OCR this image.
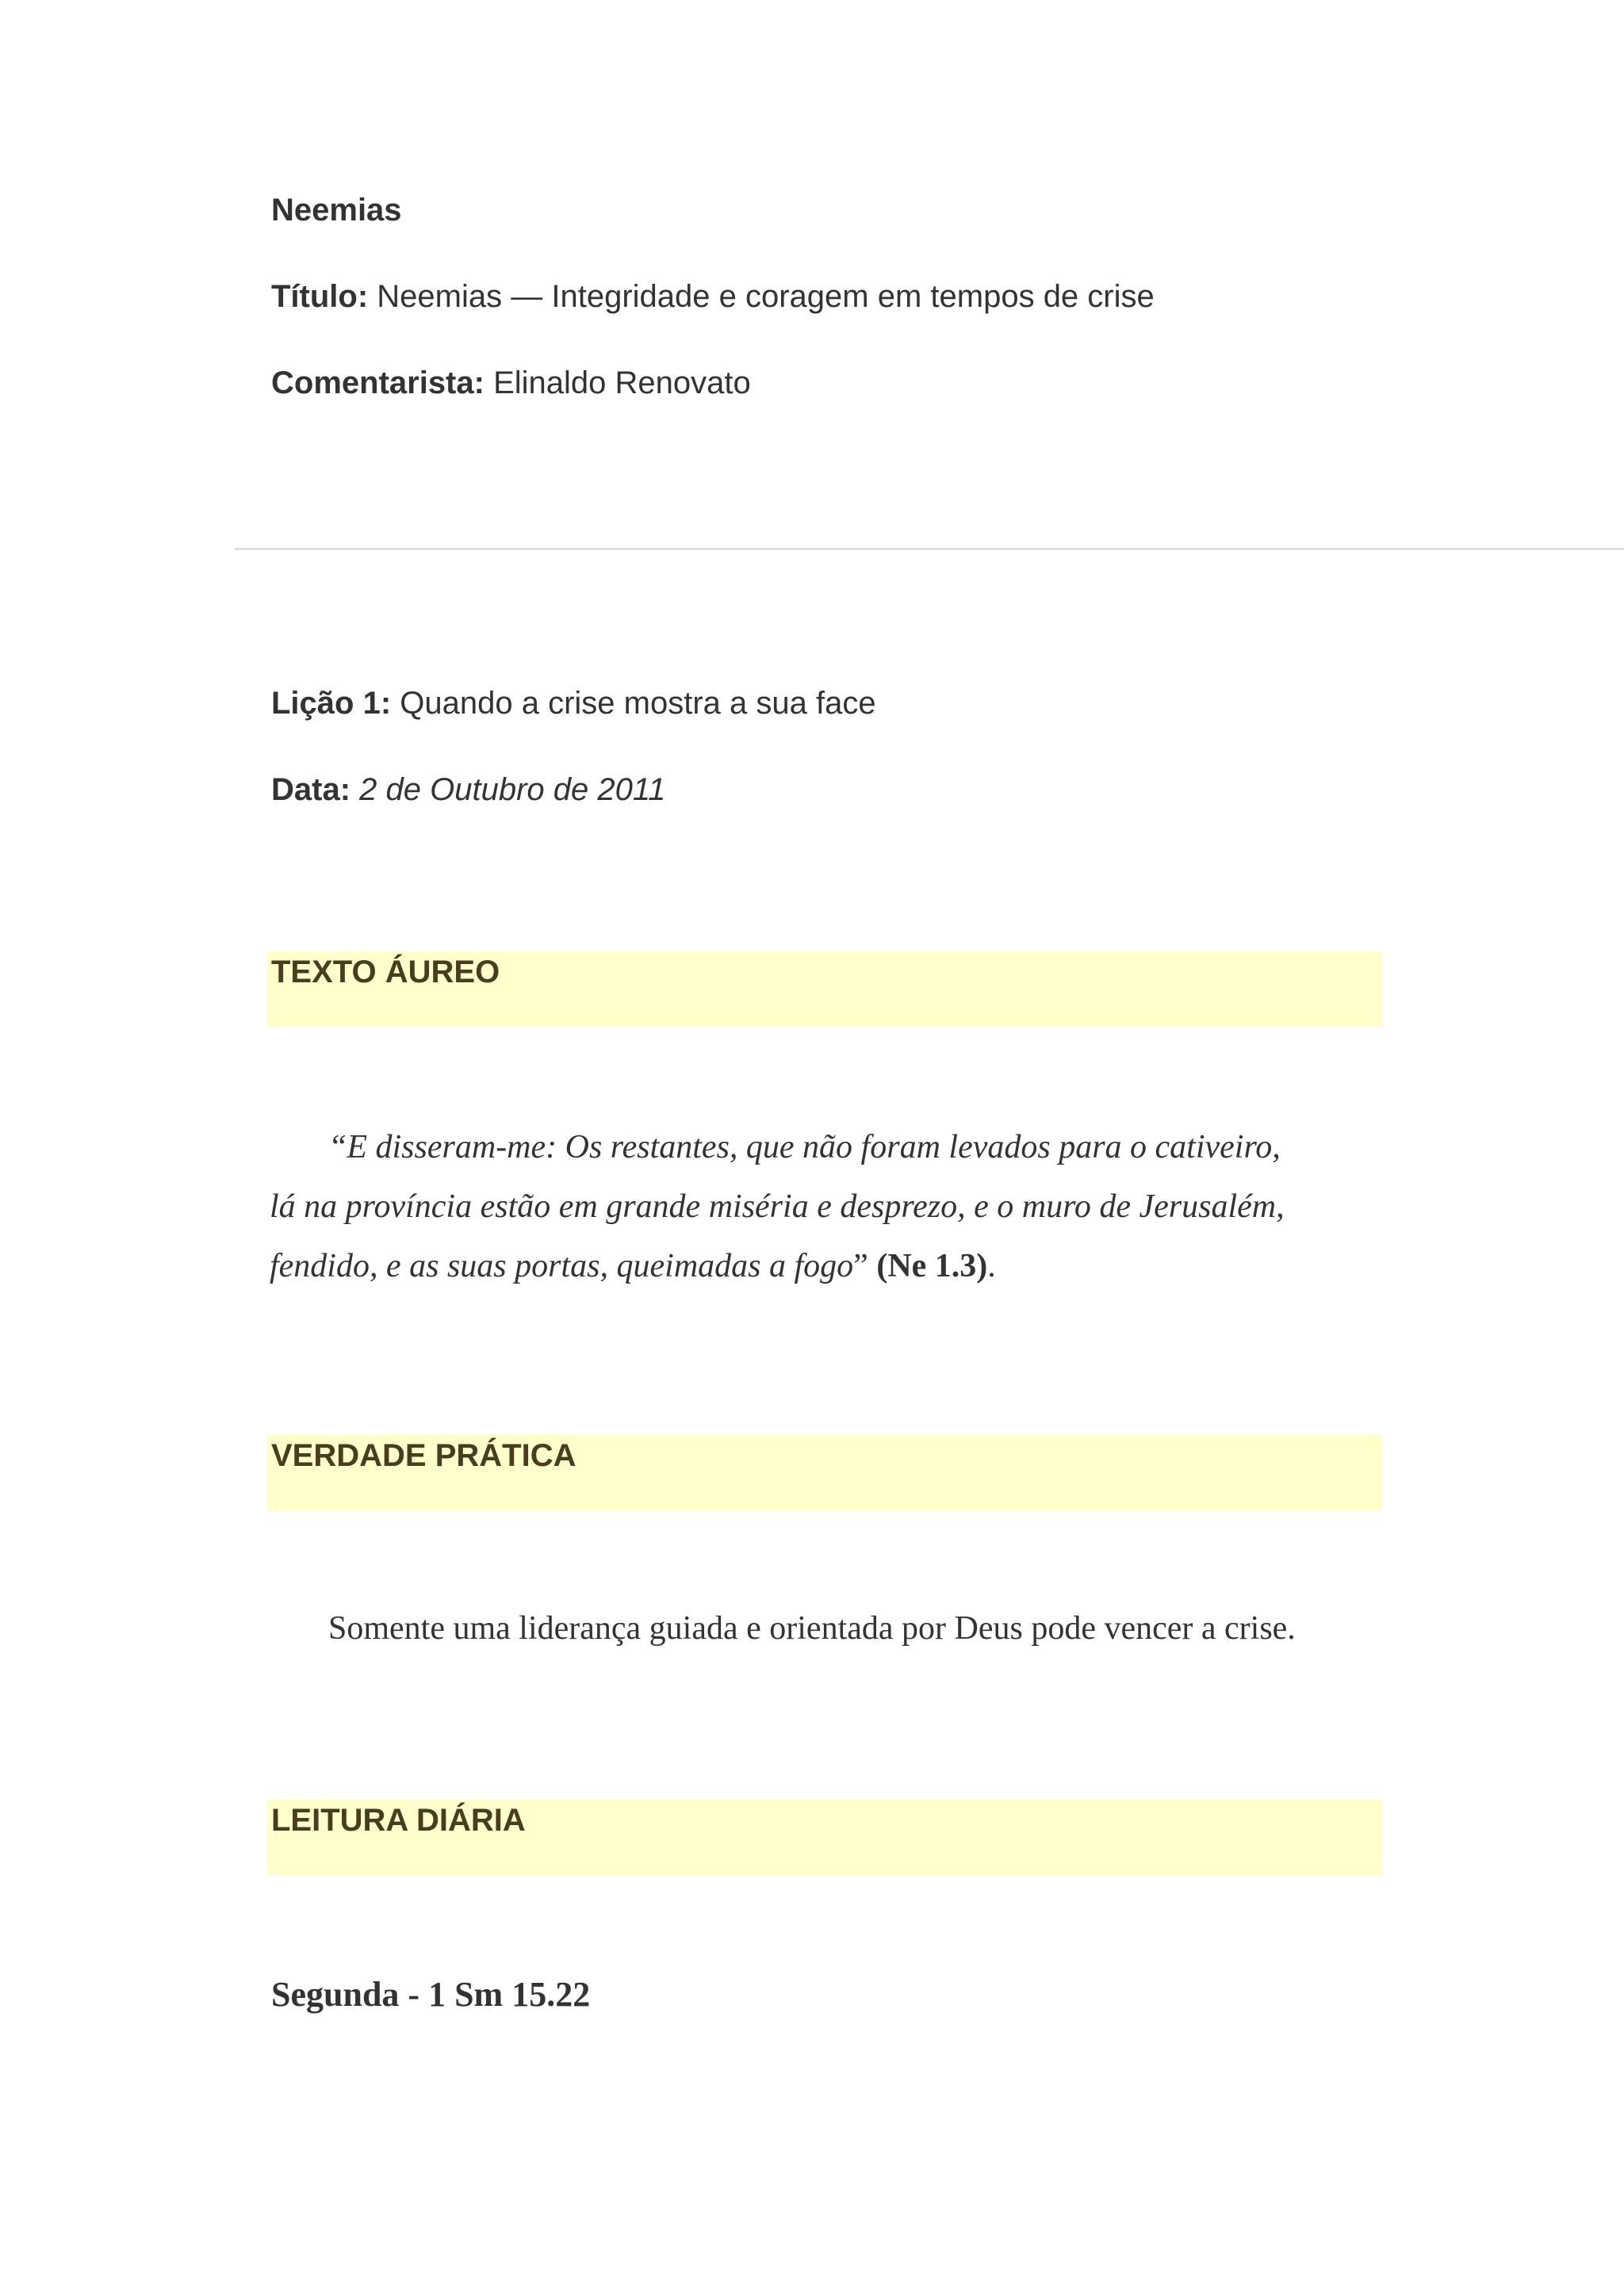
Neemias
Título: Neemias — Integridade e coragem em tempos de crise
Comentarista: Elinaldo Renovato
Lição 1: Quando a crise mostra a sua face
Data: 2 de Outubro de 2011
TEXTO ÁUREO
“E disseram-me: Os restantes, que não foram levados para o cativeiro,
lá na província estão em grande miséria e desprezo, e o muro de Jerusalém,
fendido, e as suas portas, queimadas a fogo” (Ne 1.3).
VERDADE PRÁTICA
Somente uma liderança guiada e orientada por Deus pode vencer a crise.
LEITURA DIÁRIA
Segunda - 1 Sm 15.22
